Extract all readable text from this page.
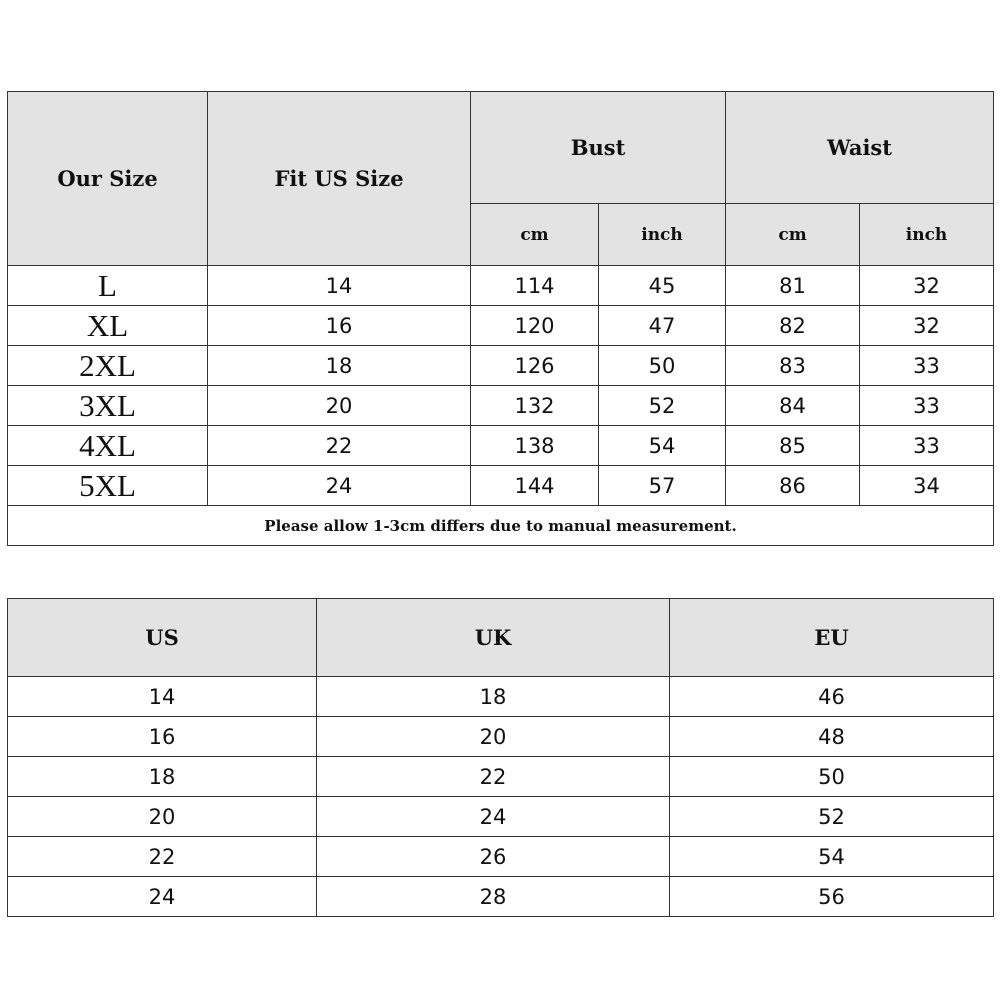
Our Size	Fit US Size	Bust		Waist	
		cm	inch	cm	inch
L	14	114	45	81	32
XL	16	120	47	82	32
2XL	18	126	50	83	33
3XL	20	132	52	84	33
4XL	22	138	54	85	33
5XL	24	144	57	86	34
Please allow 1-3cm differs due to manual measurement.					
US	UK	EU
14	18	46
16	20	48
18	22	50
20	24	52
22	26	54
24	28	56
